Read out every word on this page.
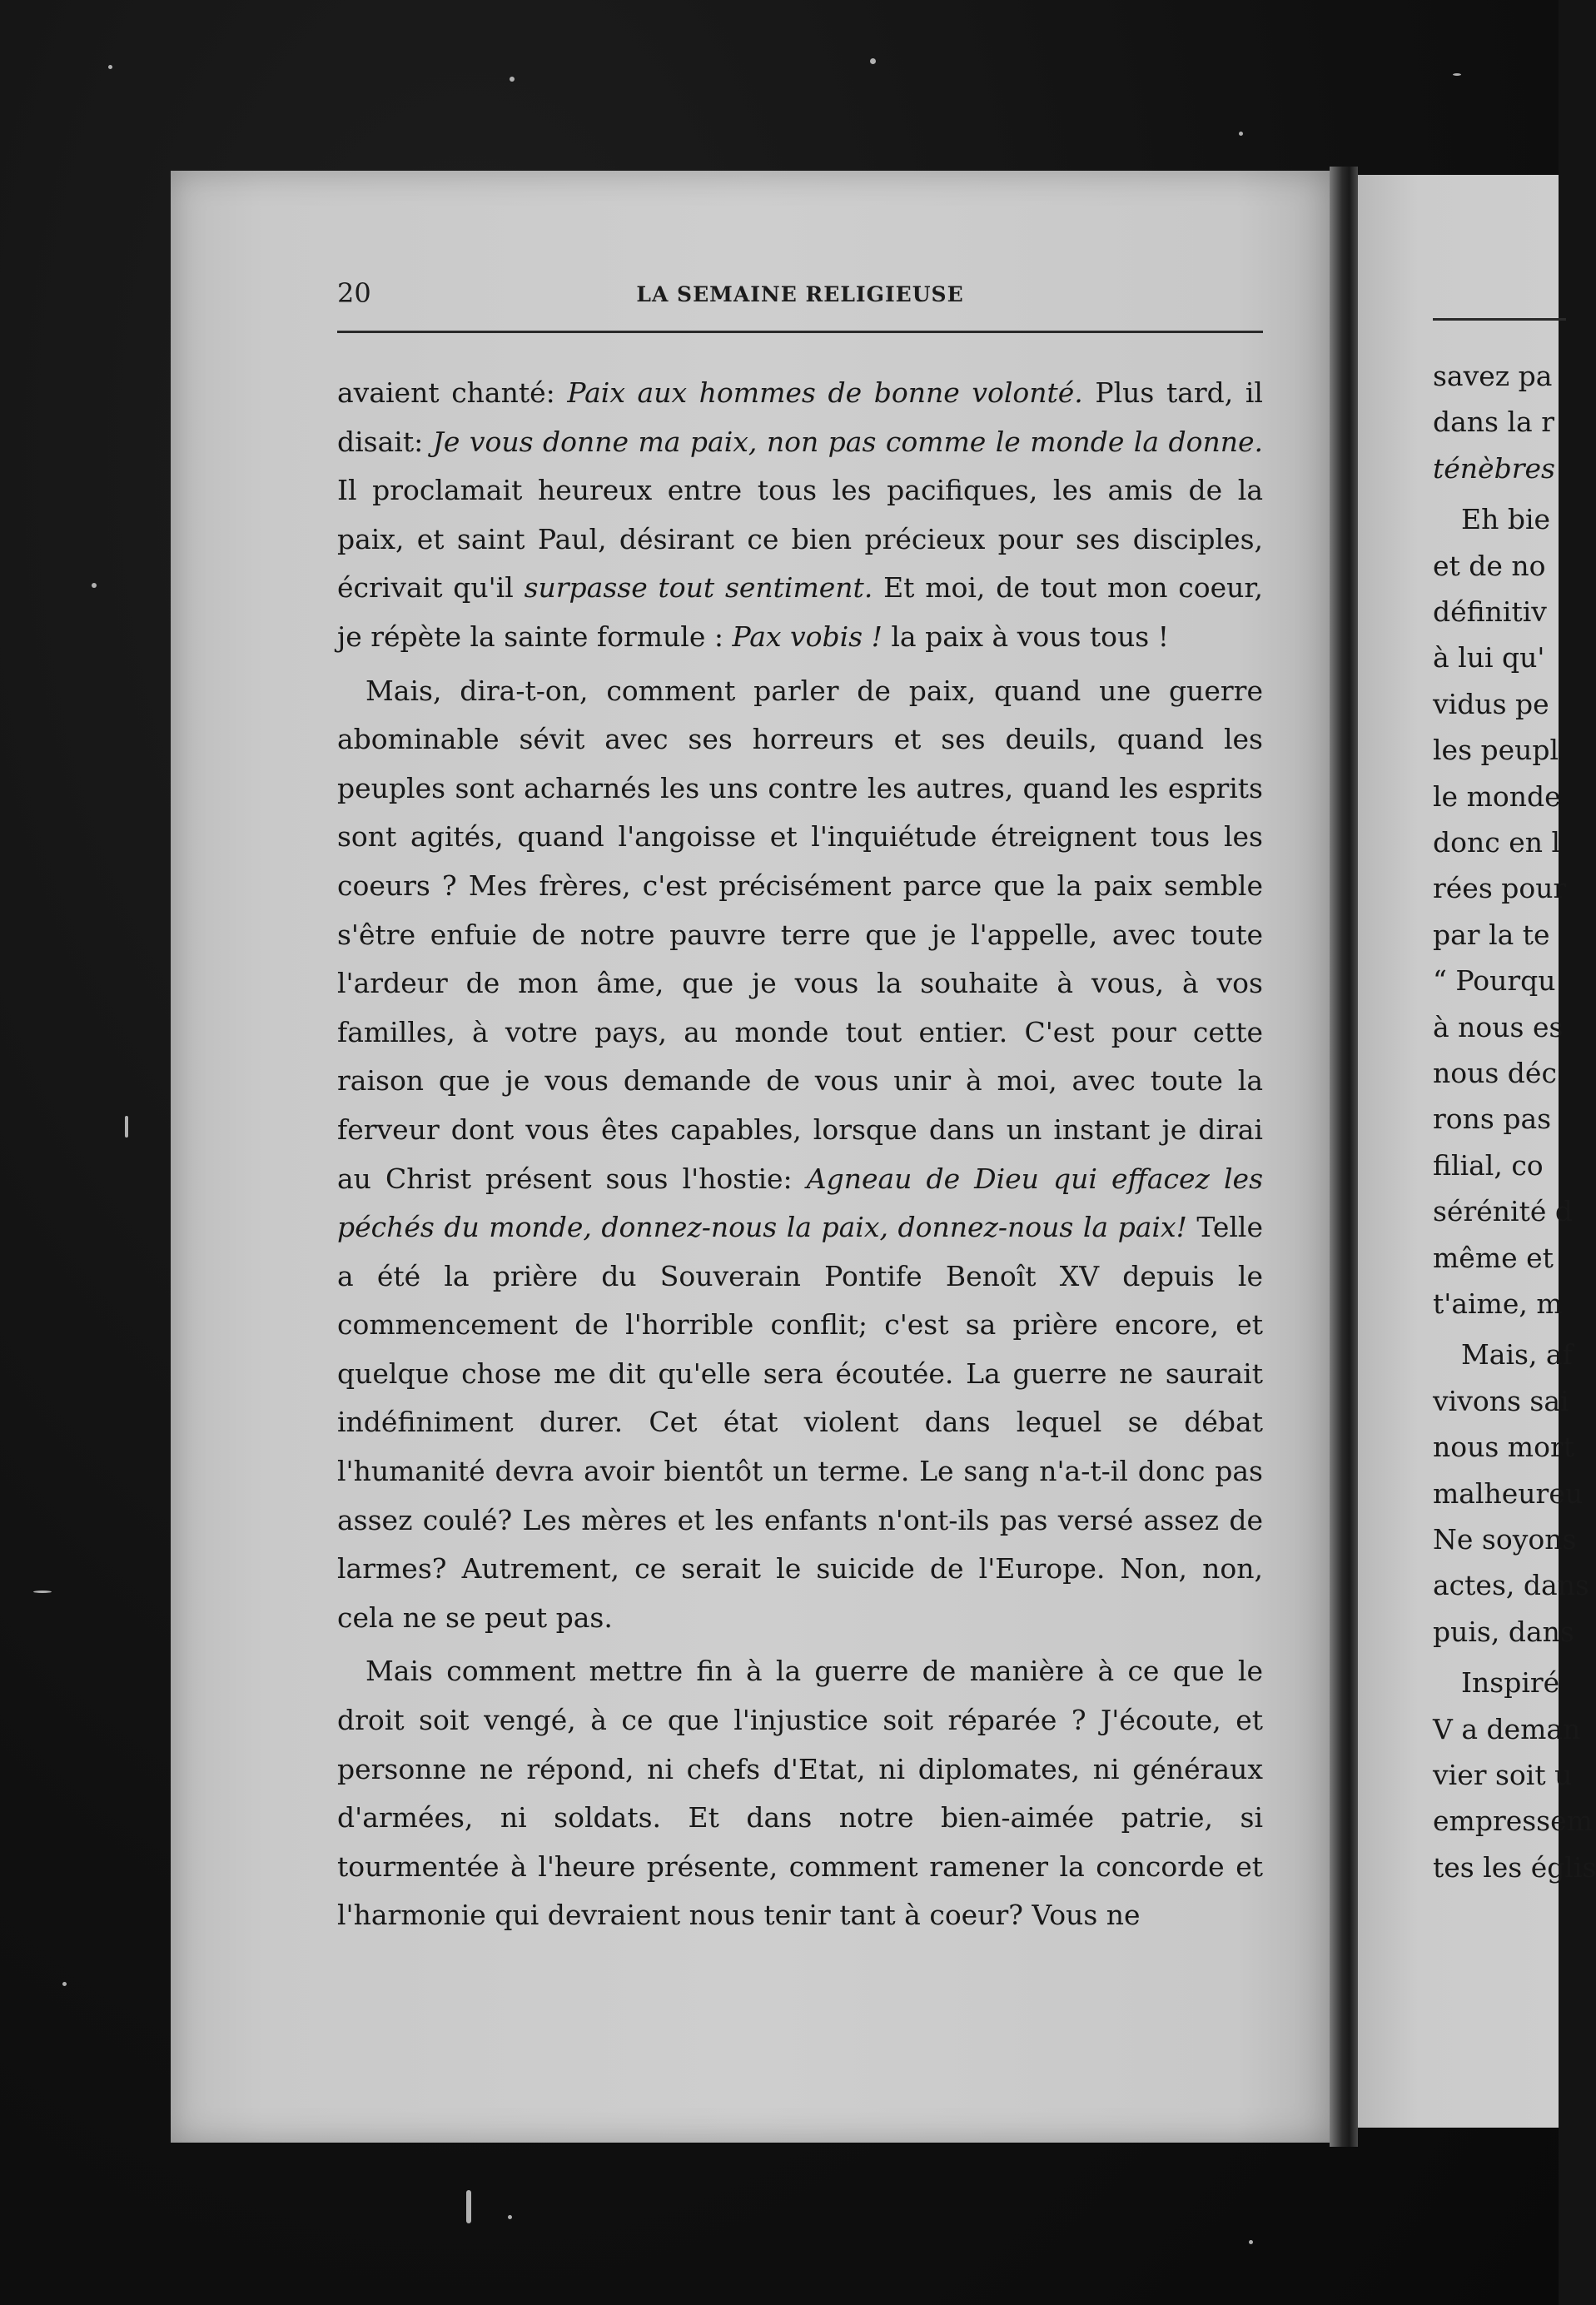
20	LA SEMAINE RELIGIEUSE

avaient chanté: Paix aux hommes de bonne volonté. Plus tard, il disait: Je vous donne ma paix, non pas comme le monde la donne. Il proclamait heureux entre tous les pacifiques, les amis de la paix, et saint Paul, désirant ce bien précieux pour ses disciples, écrivait qu'il surpasse tout sentiment. Et moi, de tout mon coeur, je répète la sainte formule : Pax vobis ! la paix à vous tous !

Mais, dira-t-on, comment parler de paix, quand une guerre abominable sévit avec ses horreurs et ses deuils, quand les peuples sont acharnés les uns contre les autres, quand les esprits sont agités, quand l'angoisse et l'inquiétude étreignent tous les coeurs ? Mes frères, c'est précisément parce que la paix semble s'être enfuie de notre pauvre terre que je l'appelle, avec toute l'ardeur de mon âme, que je vous la souhaite à vous, à vos familles, à votre pays, au monde tout entier. C'est pour cette raison que je vous demande de vous unir à moi, avec toute la ferveur dont vous êtes capables, lorsque dans un instant je dirai au Christ présent sous l'hostie: Agneau de Dieu qui effacez les péchés du monde, donnez-nous la paix, donnez-nous la paix! Telle a été la prière du Souverain Pontife Benoît XV depuis le commencement de l'horrible conflit; c'est sa prière encore, et quelque chose me dit qu'elle sera écoutée. La guerre ne saurait indéfiniment durer. Cet état violent dans lequel se débat l'humanité devra avoir bientôt un terme. Le sang n'a-t-il donc pas assez coulé? Les mères et les enfants n'ont-ils pas versé assez de larmes? Autrement, ce serait le suicide de l'Europe. Non, non, cela ne se peut pas.

Mais comment mettre fin à la guerre de manière à ce que le droit soit vengé, à ce que l'injustice soit réparée ? J'écoute, et personne ne répond, ni chefs d'Etat, ni diplomates, ni généraux d'armées, ni soldats. Et dans notre bien-aimée patrie, si tourmentée à l'heure présente, comment ramener la concorde et l'harmonie qui devraient nous tenir tant à coeur? Vous ne

savez pa
dans la r
ténèbres
Eh bie
et de no
définitiv
à lui qu'
vidus pe
les peupl
le monde
donc en l
rées pour
par la te
“ Pourqu
à nous es
nous déc
rons pas
filial, co
sérénité d
même et
t'aime, m
Mais, af
vivons sai
nous mort
malheureu
Ne soyons
actes, dans
puis, dans
Inspiré
V a deman
vier soit u
empressem
tes les églis
